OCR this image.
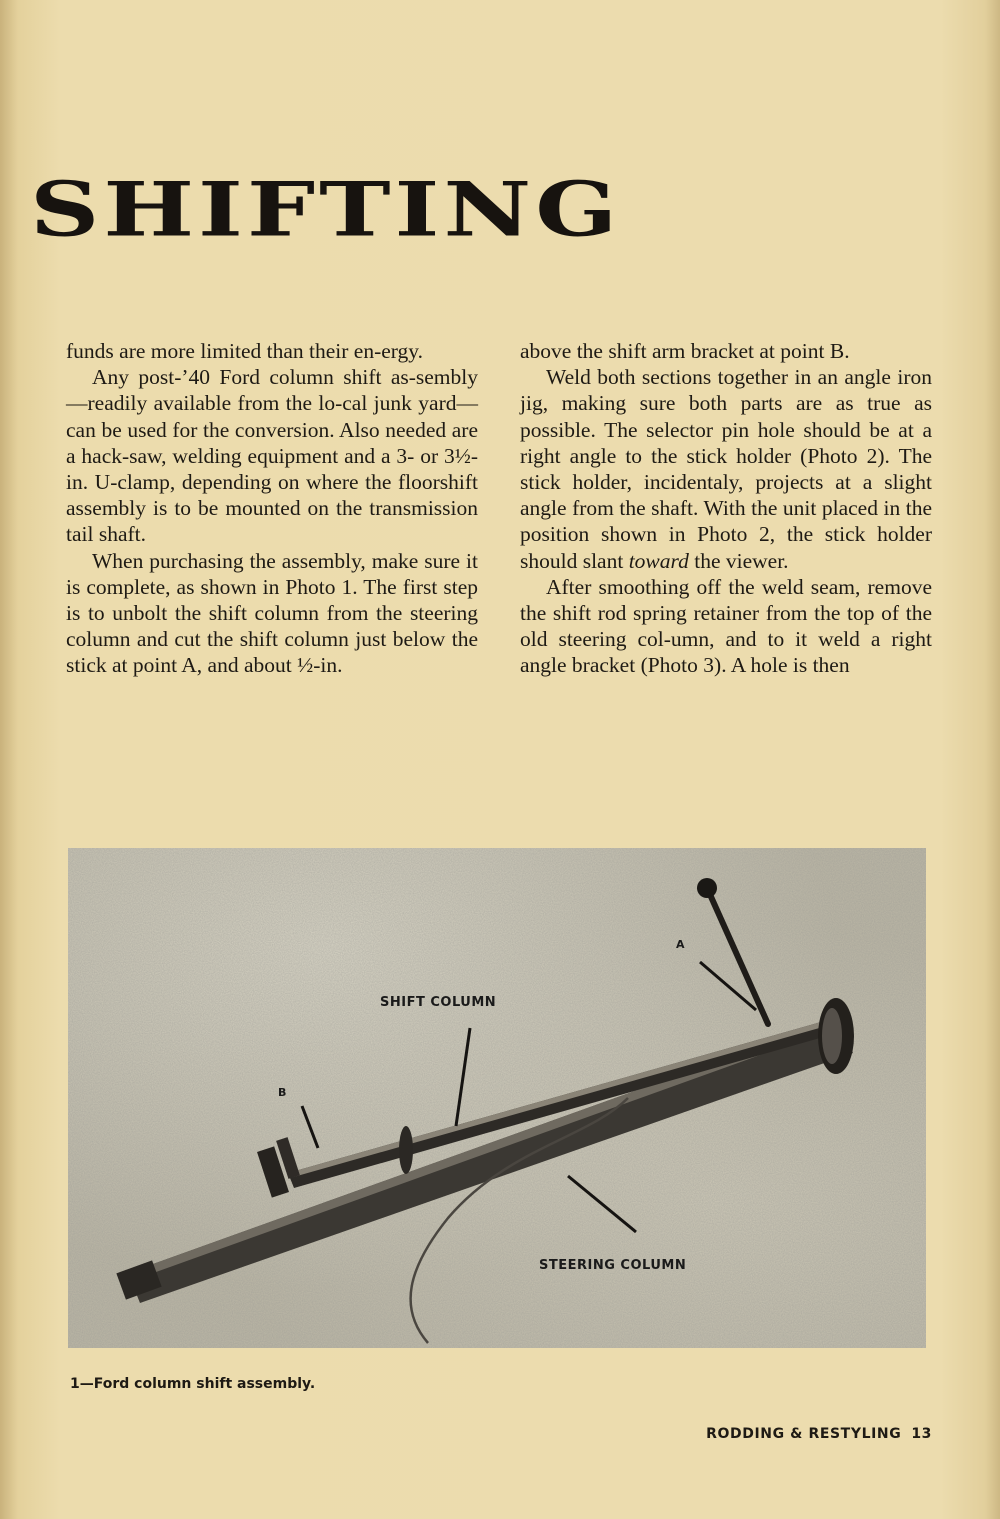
SHIFTING

funds are more limited than their en-ergy.

Any post-’40 Ford column shift as-sembly—readily available from the lo-cal junk yard—can be used for the conversion. Also needed are a hack-saw, welding equipment and a 3- or 3½-in. U-clamp, depending on where the floorshift assembly is to be mounted on the transmission tail shaft.

When purchasing the assembly, make sure it is complete, as shown in Photo 1. The first step is to unbolt the shift column from the steering column and cut the shift column just below the stick at point A, and about ½-in.

above the shift arm bracket at point B.

Weld both sections together in an angle iron jig, making sure both parts are as true as possible. The selector pin hole should be at a right angle to the stick holder (Photo 2). The stick holder, incidentaly, projects at a slight angle from the shaft. With the unit placed in the position shown in Photo 2, the stick holder should slant toward the viewer.

After smoothing off the weld seam, remove the shift rod spring retainer from the top of the old steering col-umn, and to it weld a right angle bracket (Photo 3). A hole is then

A
B
SHIFT COLUMN
STEERING COLUMN
1—Ford column shift assembly.
RODDING & RESTYLING 13
